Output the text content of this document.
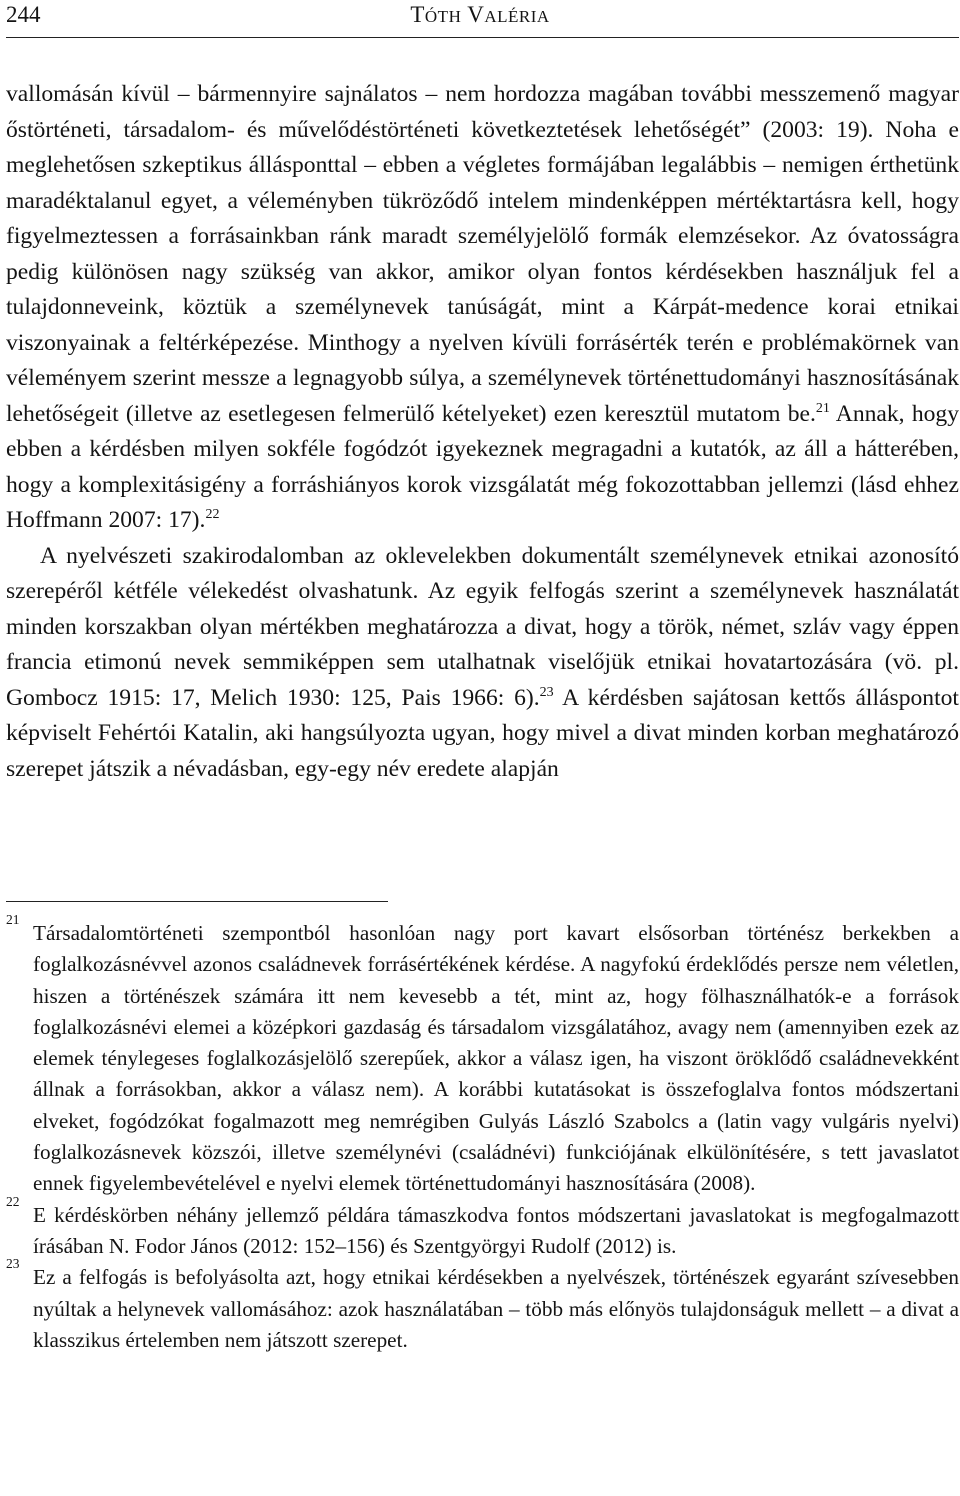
244	TÓTH VALÉRIA

vallomásán kívül – bármennyire sajnálatos – nem hordozza magában további messzemenő magyar őstörténeti, társadalom- és művelődéstörténeti következtetések lehetőségét” (2003: 19). Noha e meglehetősen szkeptikus állásponttal – ebben a végletes formájában legalábbis – nemigen érthetünk maradéktalanul egyet, a véleményben tükröződő intelem mindenképpen mértéktartásra kell, hogy figyelmeztessen a forrásainkban ránk maradt személyjelölő formák elemzésekor. Az óvatosságra pedig különösen nagy szükség van akkor, amikor olyan fontos kérdésekben használjuk fel a tulajdonneveink, köztük a személynevek tanúságát, mint a Kárpát-medence korai etnikai viszonyainak a feltérképezése. Minthogy a nyelven kívüli forrásérték terén e problémakörnek van véleményem szerint messze a legnagyobb súlya, a személynevek történettudományi hasznosításának lehetőségeit (illetve az esetlegesen felmerülő kételyeket) ezen keresztül mutatom be.$^{21}$ Annak, hogy ebben a kérdésben milyen sokféle fogódzót igyekeznek megragadni a kutatók, az áll a hátterében, hogy a komplexitásigény a forráshiányos korok vizsgálatát még fokozottabban jellemzi (lásd ehhez Hoffmann 2007: 17).$^{22}$

A nyelvészeti szakirodalomban az oklevelekben dokumentált személynevek etnikai azonosító szerepéről kétféle vélekedést olvashatunk. Az egyik felfogás szerint a személynevek használatát minden korszakban olyan mértékben meghatározza a divat, hogy a török, német, szláv vagy éppen francia etimonú nevek semmiképpen sem utalhatnak viselőjük etnikai hovatartozására (vö. pl. Gombocz 1915: 17, Melich 1930: 125, Pais 1966: 6).$^{23}$ A kérdésben sajátosan kettős álláspontot képviselt Fehértói Katalin, aki hangsúlyozta ugyan, hogy mivel a divat minden korban meghatározó szerepet játszik a névadásban, egy-egy név eredete alapján

21
Társadalomtörténeti szempontból hasonlóan nagy port kavart elsősorban történész berkekben a foglalkozásnévvel azonos családnevek forrásértékének kérdése. A nagyfokú érdeklődés persze nem véletlen, hiszen a történészek számára itt nem kevesebb a tét, mint az, hogy fölhasználhatók-e a források foglalkozásnévi elemei a középkori gazdaság és társadalom vizsgálatához, avagy nem (amennyiben ezek az elemek ténylegeses foglalkozásjelölő szerepűek, akkor a válasz igen, ha viszont öröklődő családnevekként állnak a forrásokban, akkor a válasz nem). A korábbi kutatásokat is összefoglalva fontos módszertani elveket, fogódzókat fogalmazott meg nemrégiben Gulyás László Szabolcs a (latin vagy vulgáris nyelvi) foglalkozásnevek közszói, illetve személynévi (családnévi) funkciójának elkülönítésére, s tett javaslatot ennek figyelembevételével e nyelvi elemek történettudományi hasznosítására (2008).

22
E kérdéskörben néhány jellemző példára támaszkodva fontos módszertani javaslatokat is megfogalmazott írásában N. Fodor János (2012: 152–156) és Szentgyörgyi Rudolf (2012) is.

23
Ez a felfogás is befolyásolta azt, hogy etnikai kérdésekben a nyelvészek, történészek egyaránt szívesebben nyúltak a helynevek vallomásához: azok használatában – több más előnyös tulajdonságuk mellett – a divat a klasszikus értelemben nem játszott szerepet.
